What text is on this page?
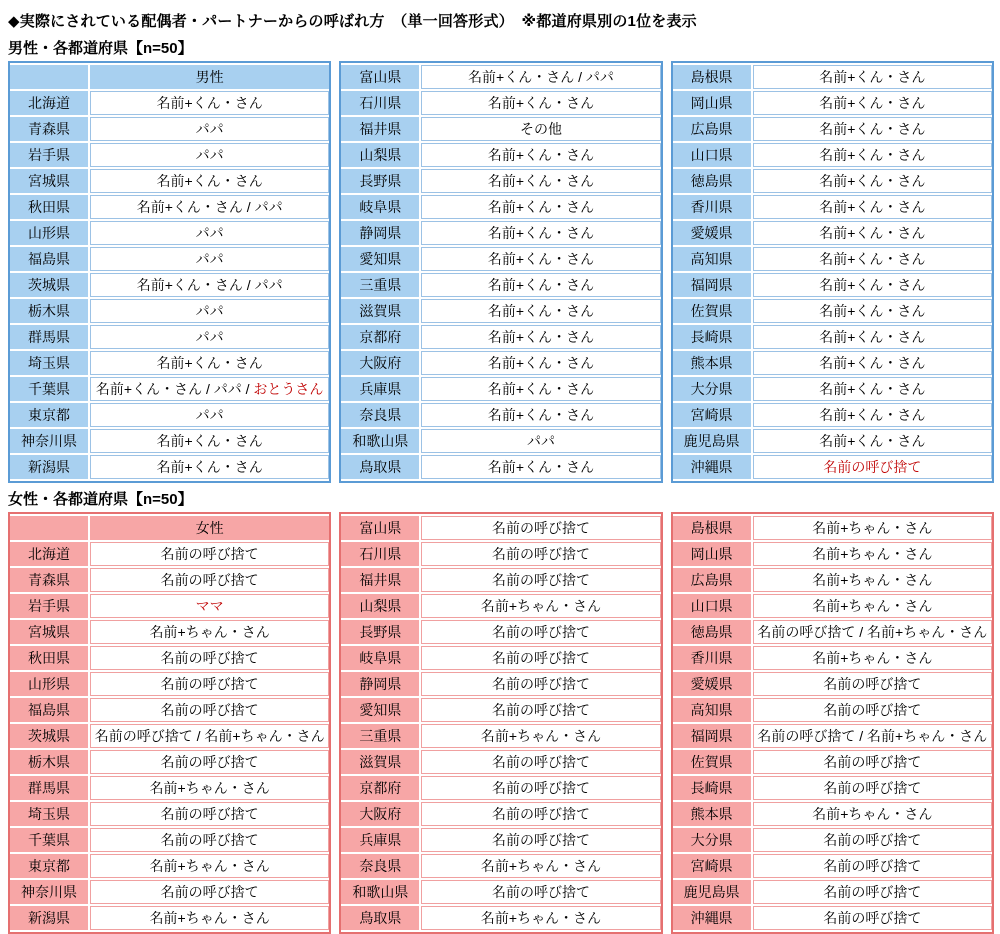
◆実際にされている配偶者・パートナーからの呼ばれ方　（単一回答形式）　※都道府県別の1位を表示
男性・各都道府県【n=50】
	男性
北海道	名前+くん・さん
青森県	パパ
岩手県	パパ
宮城県	名前+くん・さん
秋田県	名前+くん・さん / パパ
山形県	パパ
福島県	パパ
茨城県	名前+くん・さん / パパ
栃木県	パパ
群馬県	パパ
埼玉県	名前+くん・さん
千葉県	名前+くん・さん / パパ / おとうさん
東京都	パパ
神奈川県	名前+くん・さん
新潟県	名前+くん・さん
富山県	名前+くん・さん / パパ
石川県	名前+くん・さん
福井県	その他
山梨県	名前+くん・さん
長野県	名前+くん・さん
岐阜県	名前+くん・さん
静岡県	名前+くん・さん
愛知県	名前+くん・さん
三重県	名前+くん・さん
滋賀県	名前+くん・さん
京都府	名前+くん・さん
大阪府	名前+くん・さん
兵庫県	名前+くん・さん
奈良県	名前+くん・さん
和歌山県	パパ
鳥取県	名前+くん・さん
島根県	名前+くん・さん
岡山県	名前+くん・さん
広島県	名前+くん・さん
山口県	名前+くん・さん
徳島県	名前+くん・さん
香川県	名前+くん・さん
愛媛県	名前+くん・さん
高知県	名前+くん・さん
福岡県	名前+くん・さん
佐賀県	名前+くん・さん
長崎県	名前+くん・さん
熊本県	名前+くん・さん
大分県	名前+くん・さん
宮崎県	名前+くん・さん
鹿児島県	名前+くん・さん
沖縄県	名前の呼び捨て
女性・各都道府県【n=50】
	女性
北海道	名前の呼び捨て
青森県	名前の呼び捨て
岩手県	ママ
宮城県	名前+ちゃん・さん
秋田県	名前の呼び捨て
山形県	名前の呼び捨て
福島県	名前の呼び捨て
茨城県	名前の呼び捨て / 名前+ちゃん・さん
栃木県	名前の呼び捨て
群馬県	名前+ちゃん・さん
埼玉県	名前の呼び捨て
千葉県	名前の呼び捨て
東京都	名前+ちゃん・さん
神奈川県	名前の呼び捨て
新潟県	名前+ちゃん・さん
富山県	名前の呼び捨て
石川県	名前の呼び捨て
福井県	名前の呼び捨て
山梨県	名前+ちゃん・さん
長野県	名前の呼び捨て
岐阜県	名前の呼び捨て
静岡県	名前の呼び捨て
愛知県	名前の呼び捨て
三重県	名前+ちゃん・さん
滋賀県	名前の呼び捨て
京都府	名前の呼び捨て
大阪府	名前の呼び捨て
兵庫県	名前の呼び捨て
奈良県	名前+ちゃん・さん
和歌山県	名前の呼び捨て
鳥取県	名前+ちゃん・さん
島根県	名前+ちゃん・さん
岡山県	名前+ちゃん・さん
広島県	名前+ちゃん・さん
山口県	名前+ちゃん・さん
徳島県	名前の呼び捨て / 名前+ちゃん・さん
香川県	名前+ちゃん・さん
愛媛県	名前の呼び捨て
高知県	名前の呼び捨て
福岡県	名前の呼び捨て / 名前+ちゃん・さん
佐賀県	名前の呼び捨て
長崎県	名前の呼び捨て
熊本県	名前+ちゃん・さん
大分県	名前の呼び捨て
宮崎県	名前の呼び捨て
鹿児島県	名前の呼び捨て
沖縄県	名前の呼び捨て
